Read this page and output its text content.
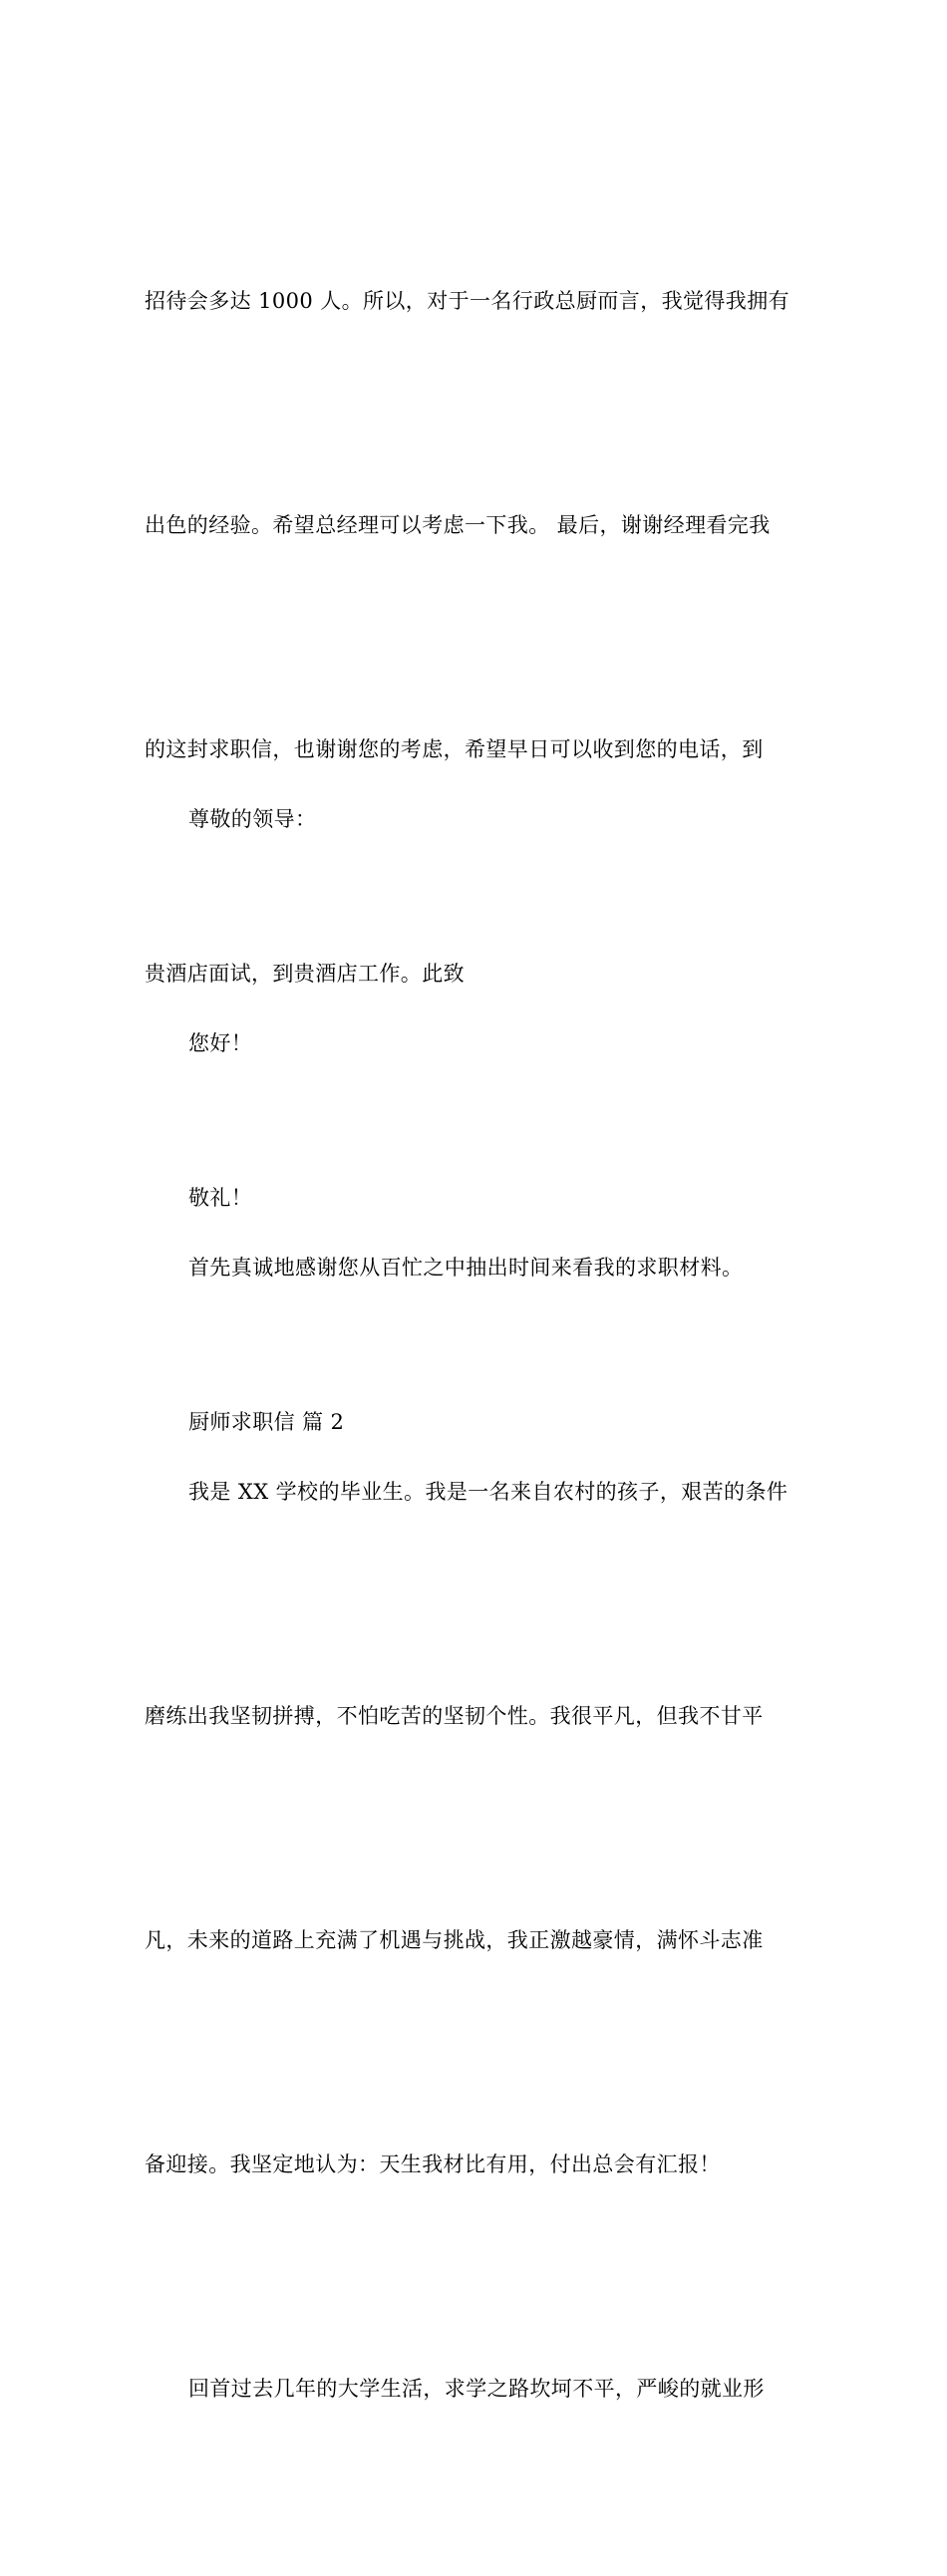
招待会多达 1000 人。所以，对于一名行政总厨而言，我觉得我拥有

出色的经验。希望总经理可以考虑一下我。 最后，谢谢经理看完我

的这封求职信，也谢谢您的考虑，希望早日可以收到您的电话，到

贵酒店面试，到贵酒店工作。此致

敬礼！

厨师求职信 篇 2

尊敬的领导：

您好！

首先真诚地感谢您从百忙之中抽出时间来看我的求职材料。

我是 XX 学校的毕业生。我是一名来自农村的孩子，艰苦的条件

磨练出我坚韧拼搏，不怕吃苦的坚韧个性。我很平凡，但我不甘平

凡，未来的道路上充满了机遇与挑战，我正激越豪情，满怀斗志准

备迎接。我坚定地认为：天生我材比有用，付出总会有汇报！

回首过去几年的大学生活，求学之路坎坷不平，严峻的就业形
